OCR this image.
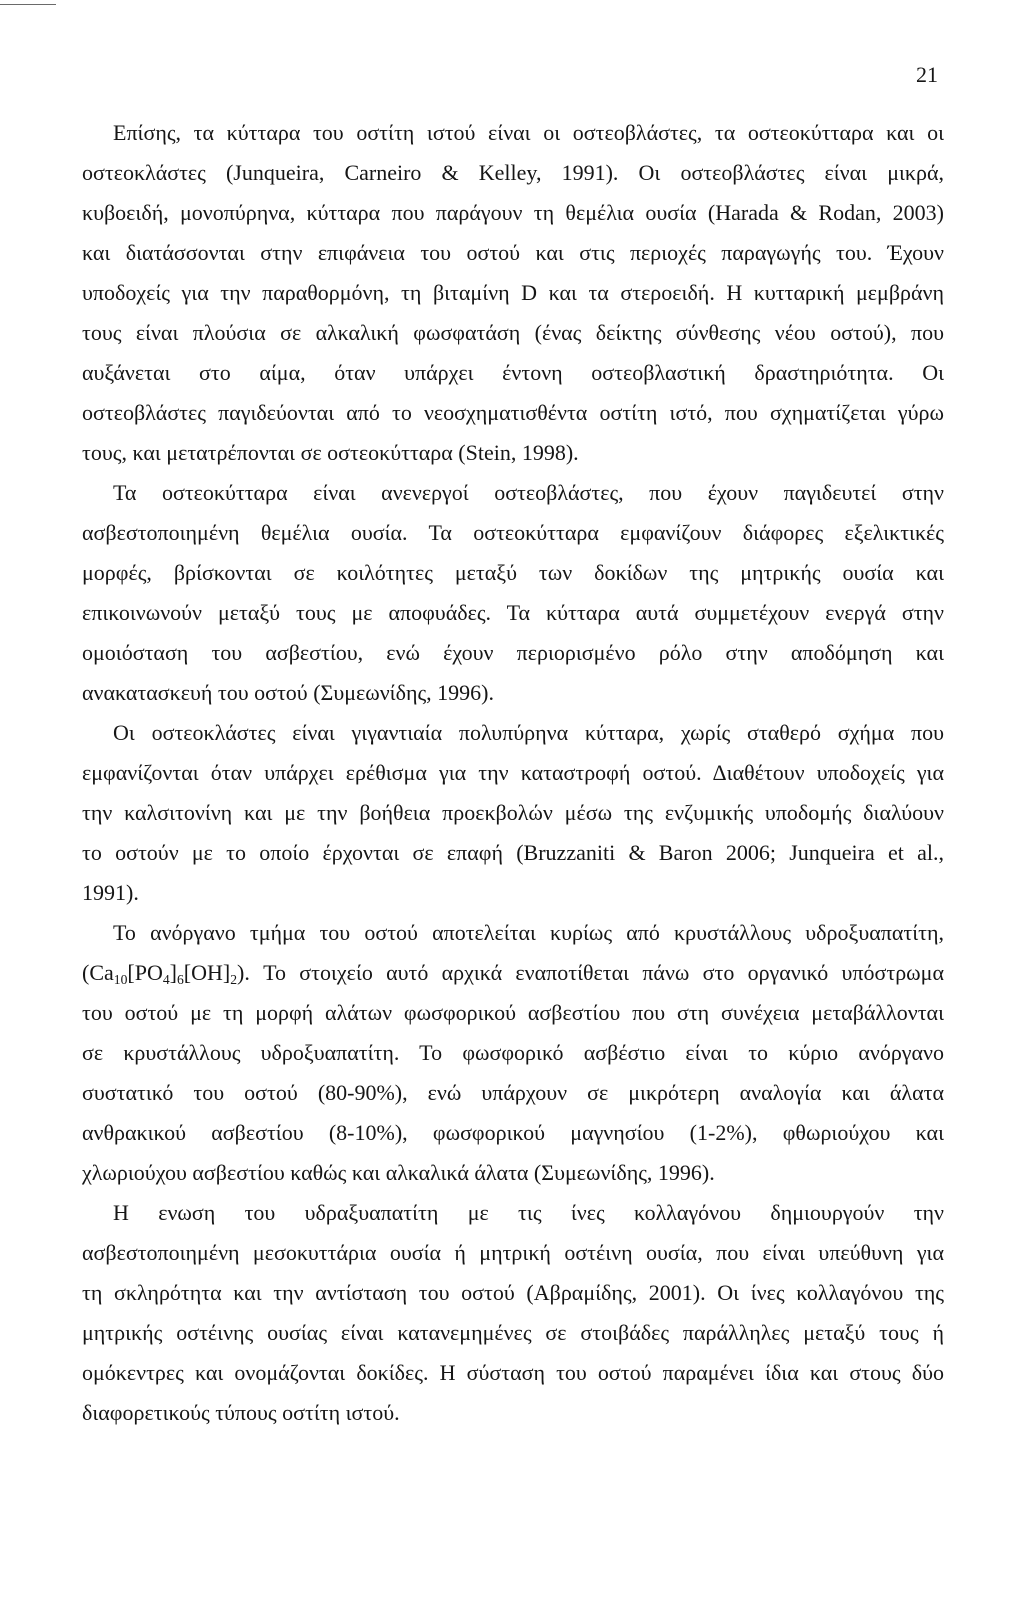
21
Επίσης, τα κύτταρα του οστίτη ιστού είναι οι οστεοβλάστες, τα οστεοκύτταρα και οι
οστεοκλάστες (Junqueira, Carneiro & Kelley, 1991). Οι οστεοβλάστες είναι μικρά,
κυβοειδή, μονοπύρηνα, κύτταρα που παράγουν τη θεμέλια ουσία (Harada & Rodan, 2003)
και διατάσσονται στην επιφάνεια του οστού και στις περιοχές παραγωγής του. Έχουν
υποδοχείς για την παραθορμόνη, τη βιταμίνη D και τα στεροειδή. Η κυτταρική μεμβράνη
τους είναι πλούσια σε αλκαλική φωσφατάση (ένας δείκτης σύνθεσης νέου οστού), που
αυξάνεται στο αίμα, όταν υπάρχει έντονη οστεοβλαστική δραστηριότητα. Οι
οστεοβλάστες παγιδεύονται από το νεοσχηματισθέντα οστίτη ιστό, που σχηματίζεται γύρω
τους, και μετατρέπονται σε οστεοκύτταρα (Stein, 1998).
Τα οστεοκύτταρα είναι ανενεργοί οστεοβλάστες, που έχουν παγιδευτεί στην
ασβεστοποιημένη θεμέλια ουσία. Τα οστεοκύτταρα εμφανίζουν διάφορες εξελικτικές
μορφές, βρίσκονται σε κοιλότητες μεταξύ των δοκίδων της μητρικής ουσία και
επικοινωνούν μεταξύ τους με αποφυάδες. Τα κύτταρα αυτά συμμετέχουν ενεργά στην
ομοιόσταση του ασβεστίου, ενώ έχουν περιορισμένο ρόλο στην αποδόμηση και
ανακατασκευή του οστού (Συμεωνίδης, 1996).
Οι οστεοκλάστες είναι γιγαντιαία πολυπύρηνα κύτταρα, χωρίς σταθερό σχήμα που
εμφανίζονται όταν υπάρχει ερέθισμα για την καταστροφή οστού. Διαθέτουν υποδοχείς για
την καλσιτονίνη και με την βοήθεια προεκβολών μέσω της ενζυμικής υποδομής διαλύουν
το οστούν με το οποίο έρχονται σε επαφή (Bruzzaniti & Baron 2006; Junqueira et al.,
1991).
Το ανόργανο τμήμα του οστού αποτελείται κυρίως από κρυστάλλους υδροξυαπατίτη,
$(Ca_{10}[PO_4]_6[OH]_2)$. Το στοιχείο αυτό αρχικά εναποτίθεται πάνω στο οργανικό υπόστρωμα
του οστού με τη μορφή αλάτων φωσφορικού ασβεστίου που στη συνέχεια μεταβάλλονται
σε κρυστάλλους υδροξυαπατίτη. Το φωσφορικό ασβέστιο είναι το κύριο ανόργανο
συστατικό του οστού (80-90%), ενώ υπάρχουν σε μικρότερη αναλογία και άλατα
ανθρακικού ασβεστίου (8-10%), φωσφορικού μαγνησίου (1-2%), φθωριούχου και
χλωριούχου ασβεστίου καθώς και αλκαλικά άλατα (Συμεωνίδης, 1996).
Η ενωση του υδραξυαπατίτη με τις ίνες κολλαγόνου δημιουργούν την
ασβεστοποιημένη μεσοκυττάρια ουσία ή μητρική οστέινη ουσία, που είναι υπεύθυνη για
τη σκληρότητα και την αντίσταση του οστού (Αβραμίδης, 2001). Οι ίνες κολλαγόνου της
μητρικής οστέινης ουσίας είναι κατανεμημένες σε στοιβάδες παράλληλες μεταξύ τους ή
ομόκεντρες και ονομάζονται δοκίδες. Η σύσταση του οστού παραμένει ίδια και στους δύο
διαφορετικούς τύπους οστίτη ιστού.
